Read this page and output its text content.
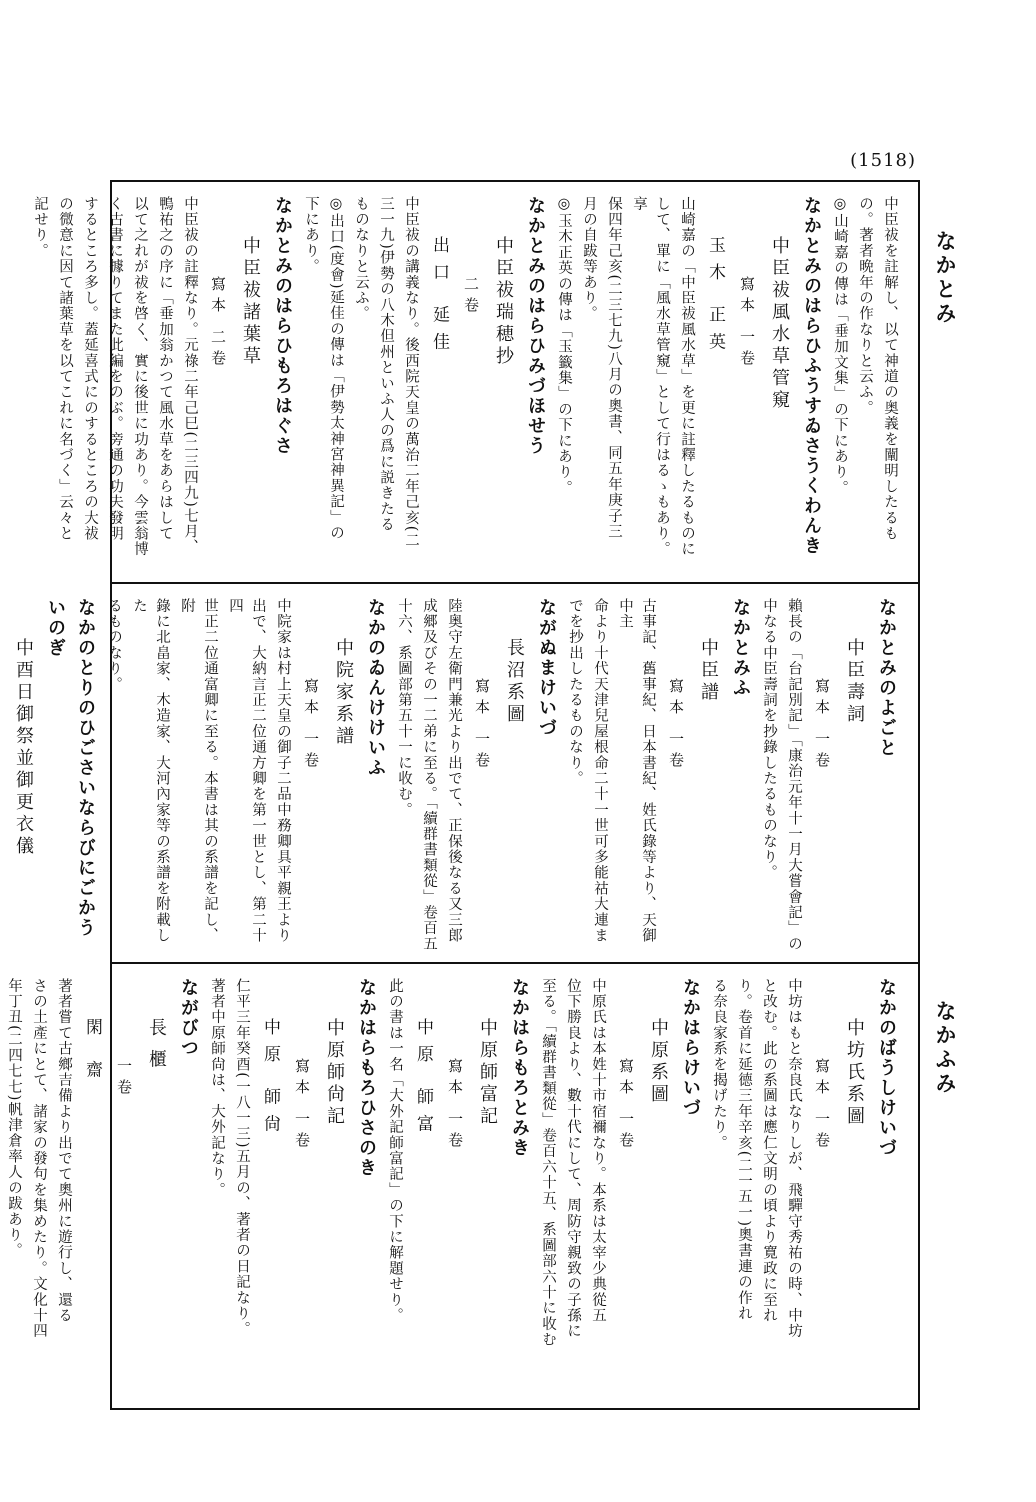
(1518)
なかとみ
なかふみ
中臣祓を註解し、以て神道の奥義を闡明したるも
の。著者晩年の作なりと云ふ。
◎山崎嘉の傳は「垂加文集」の下にあり。
なかとみのはらひふうすゐさうくわんき
中臣祓風水草管窺
寫本 一卷
玉木 正英
山崎嘉の「中臣祓風水草」を更に註釋したるものに
して、單に「風水草管窺」として行はるゝもあり。享
保四年己亥(二三七九)八月の奧書、同五年庚子三
月の自跋等あり。
◎玉木正英の傳は「玉籤集」の下にあり。
なかとみのはらひみづほせう
中臣祓瑞穂抄
二卷
出口 延佳
中臣祓の講義なり。後西院天皇の萬治二年己亥(二
三一九)伊勢の八木但州といふ人の爲に説きたる
ものなりと云ふ。
◎出口(度會)延佳の傳は「伊勢太神宮神異記」の
下にあり。
なかとみのはらひもろはぐさ
中臣祓諸葉草
寫本 二卷
中臣祓の註釋なり。元祿二年己巳(二三四九)七月、
鴨祐之の序に「垂加翁かつて風水草をあらはして
以て之れが祓を啓く、實に後世に功あり。今雲翁博
く古書に據りてまた此編をのぶ。旁通の功夫發明
するところ多し。蓋延喜式にのするところの大祓
の微意に因て諸葉草を以てこれに名づく」云々と
記せり。
なかとみのよごと
中臣壽詞
寫本 一卷
賴長の「台記別記」「康治元年十一月大嘗會記」の
中なる中臣壽詞を抄錄したるものなり。
なかとみふ
中臣譜
寫本 一卷
古事記、舊事紀、日本書紀、姓氏錄等より、天御中主
命より十代天津兒屋根命二十一世可多能祜大連ま
でを抄出したるものなり。
ながぬまけいづ
長沼系圖
寫本 一卷
陸奥守左衛門兼光より出でて、正保後なる又三郎
成郷及びその一二弟に至る。「續群書類從」卷百五
十六、系圖部第五十一に收む。
なかのゐんけけいふ
中院家系譜
寫本 一卷
中院家は村上天皇の御子二品中務卿具平親王より
出で、大納言正二位通方卿を第一世とし、第二十四
世正二位通富卿に至る。本書は其の系譜を記し、附
錄に北畠家、木造家、大河內家等の系譜を附載した
るものなり。
なかのとりのひごさいならびにごかういのぎ
中酉日御祭並御更衣儀
なかのばうしけいづ
中坊氏系圖
寫本 一卷
中坊はもと奈良氏なりしが、飛驒守秀祐の時、中坊
と改む。此の系圖は應仁文明の頃より寛政に至れ
り。卷首に延德三年辛亥(二一五一)奧書連の作れ
る奈良家系を揭げたり。
なかはらけいづ
中原系圖
寫本 一卷
中原氏は本姓十市宿禰なり。本系は太宰少典從五
位下勝良より、數十代にして、周防守親致の子孫に
至る。「續群書類從」卷百六十五、系圖部六十に收む
なかはらもろとみき
中原師富記
寫本 一卷
中原 師富
此の書は一名「大外記師富記」の下に解題せり。
なかはらもろひさのき
中原師尙記
寫本 一卷
中原 師尙
仁平三年癸酉(一八一三)五月の、著者の日記なり。
著者中原師尙は、大外記なり。
ながびつ
長 櫃
一卷
閑 齋
著者嘗て古鄉吉備より出でて奧州に遊行し、還る
さの土產にとて、諸家の發句を集めたり。文化十四
年丁丑(二四七七)帆津倉率人の跋あり。
